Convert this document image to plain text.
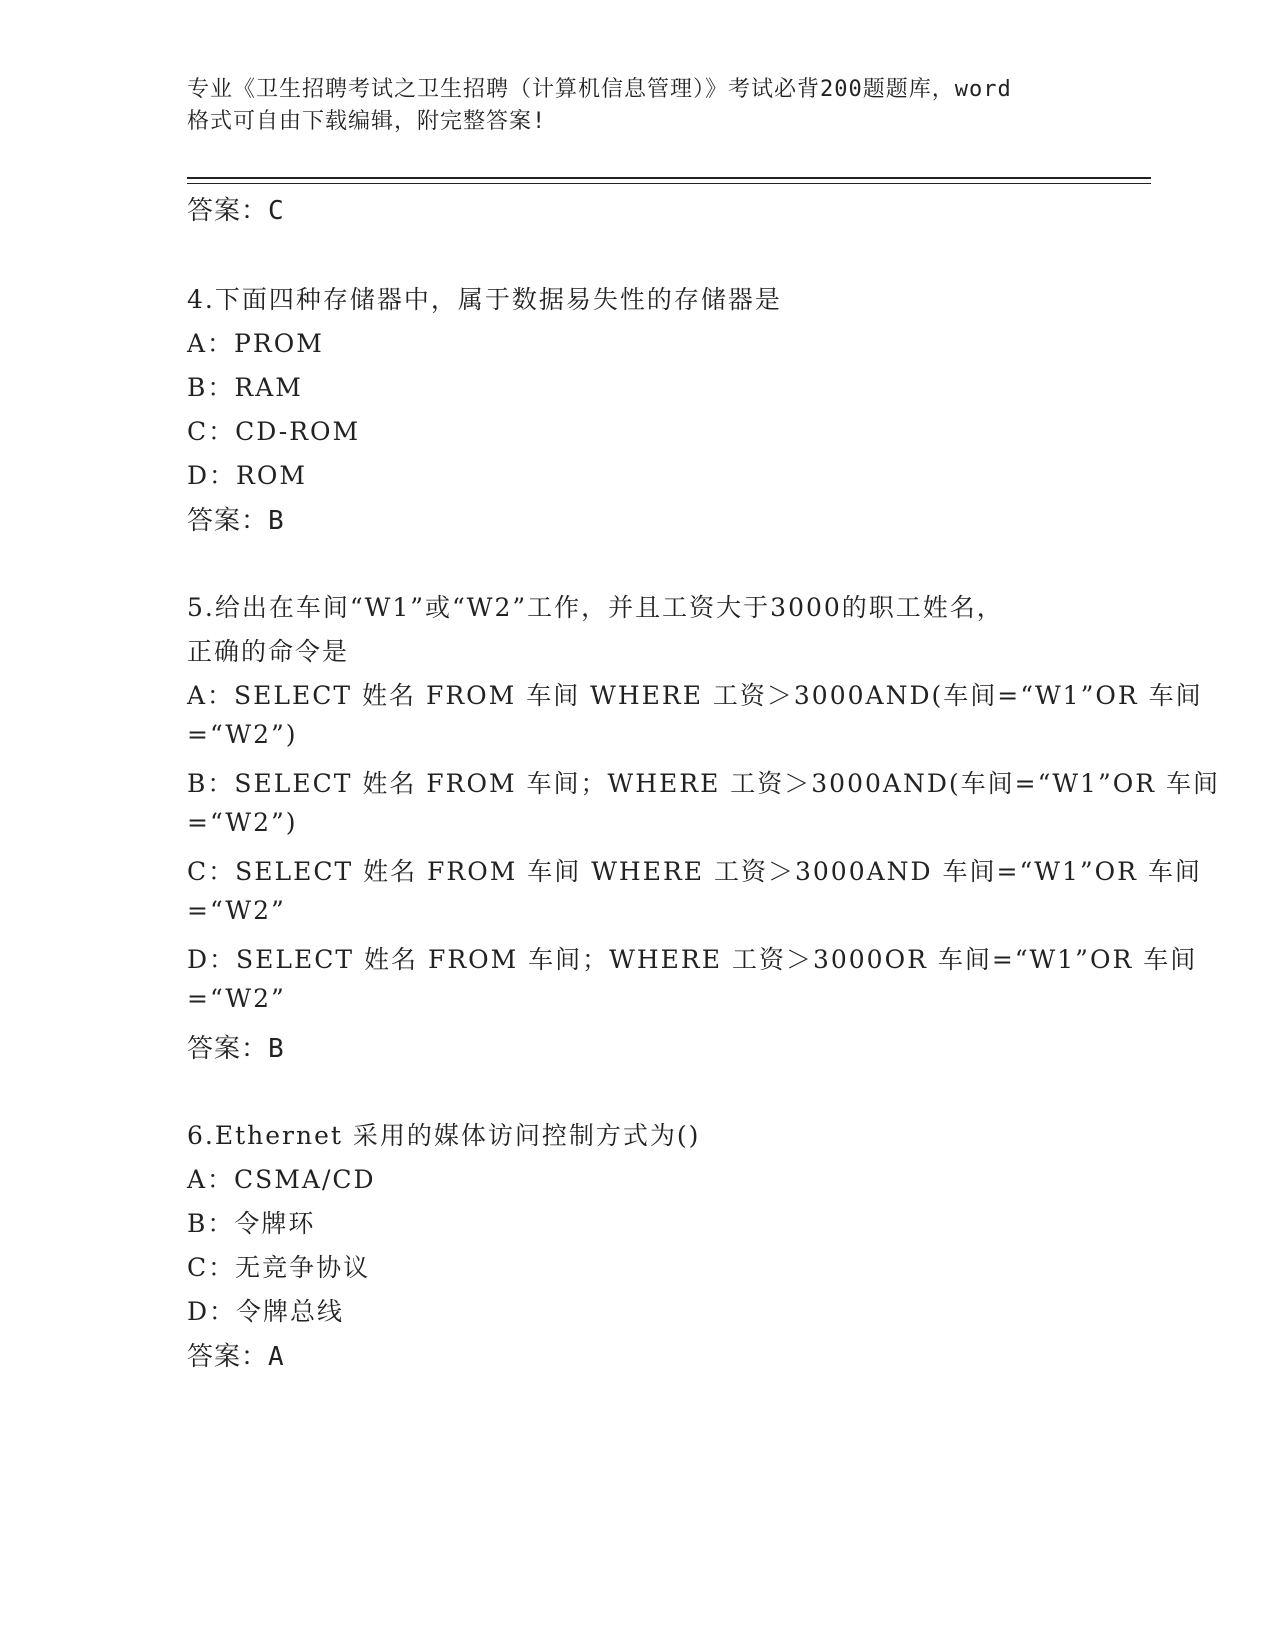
专业《卫生招聘考试之卫生招聘（计算机信息管理）》考试必背200题题库，word
格式可自由下载编辑，附完整答案!
答案：C
4.下面四种存储器中，属于数据易失性的存储器是
A：PROM
B：RAM
C：CD-ROM
D：ROM
答案：B
5.给出在车间“W1”或“W2”工作，并且工资大于3000的职工姓名，
正确的命令是
A：SELECT 姓名 FROM 车间 WHERE 工资＞3000AND(车间=“W1”OR 车间
=“W2”)
B：SELECT 姓名 FROM 车间；WHERE 工资＞3000AND(车间=“W1”OR 车间
=“W2”)
C：SELECT 姓名 FROM 车间 WHERE 工资＞3000AND 车间=“W1”OR 车间
=“W2”
D：SELECT 姓名 FROM 车间；WHERE 工资＞3000OR 车间=“W1”OR 车间
=“W2”
答案：B
6.Ethernet 采用的媒体访问控制方式为()
A：CSMA/CD
B：令牌环
C：无竞争协议
D：令牌总线
答案：A
